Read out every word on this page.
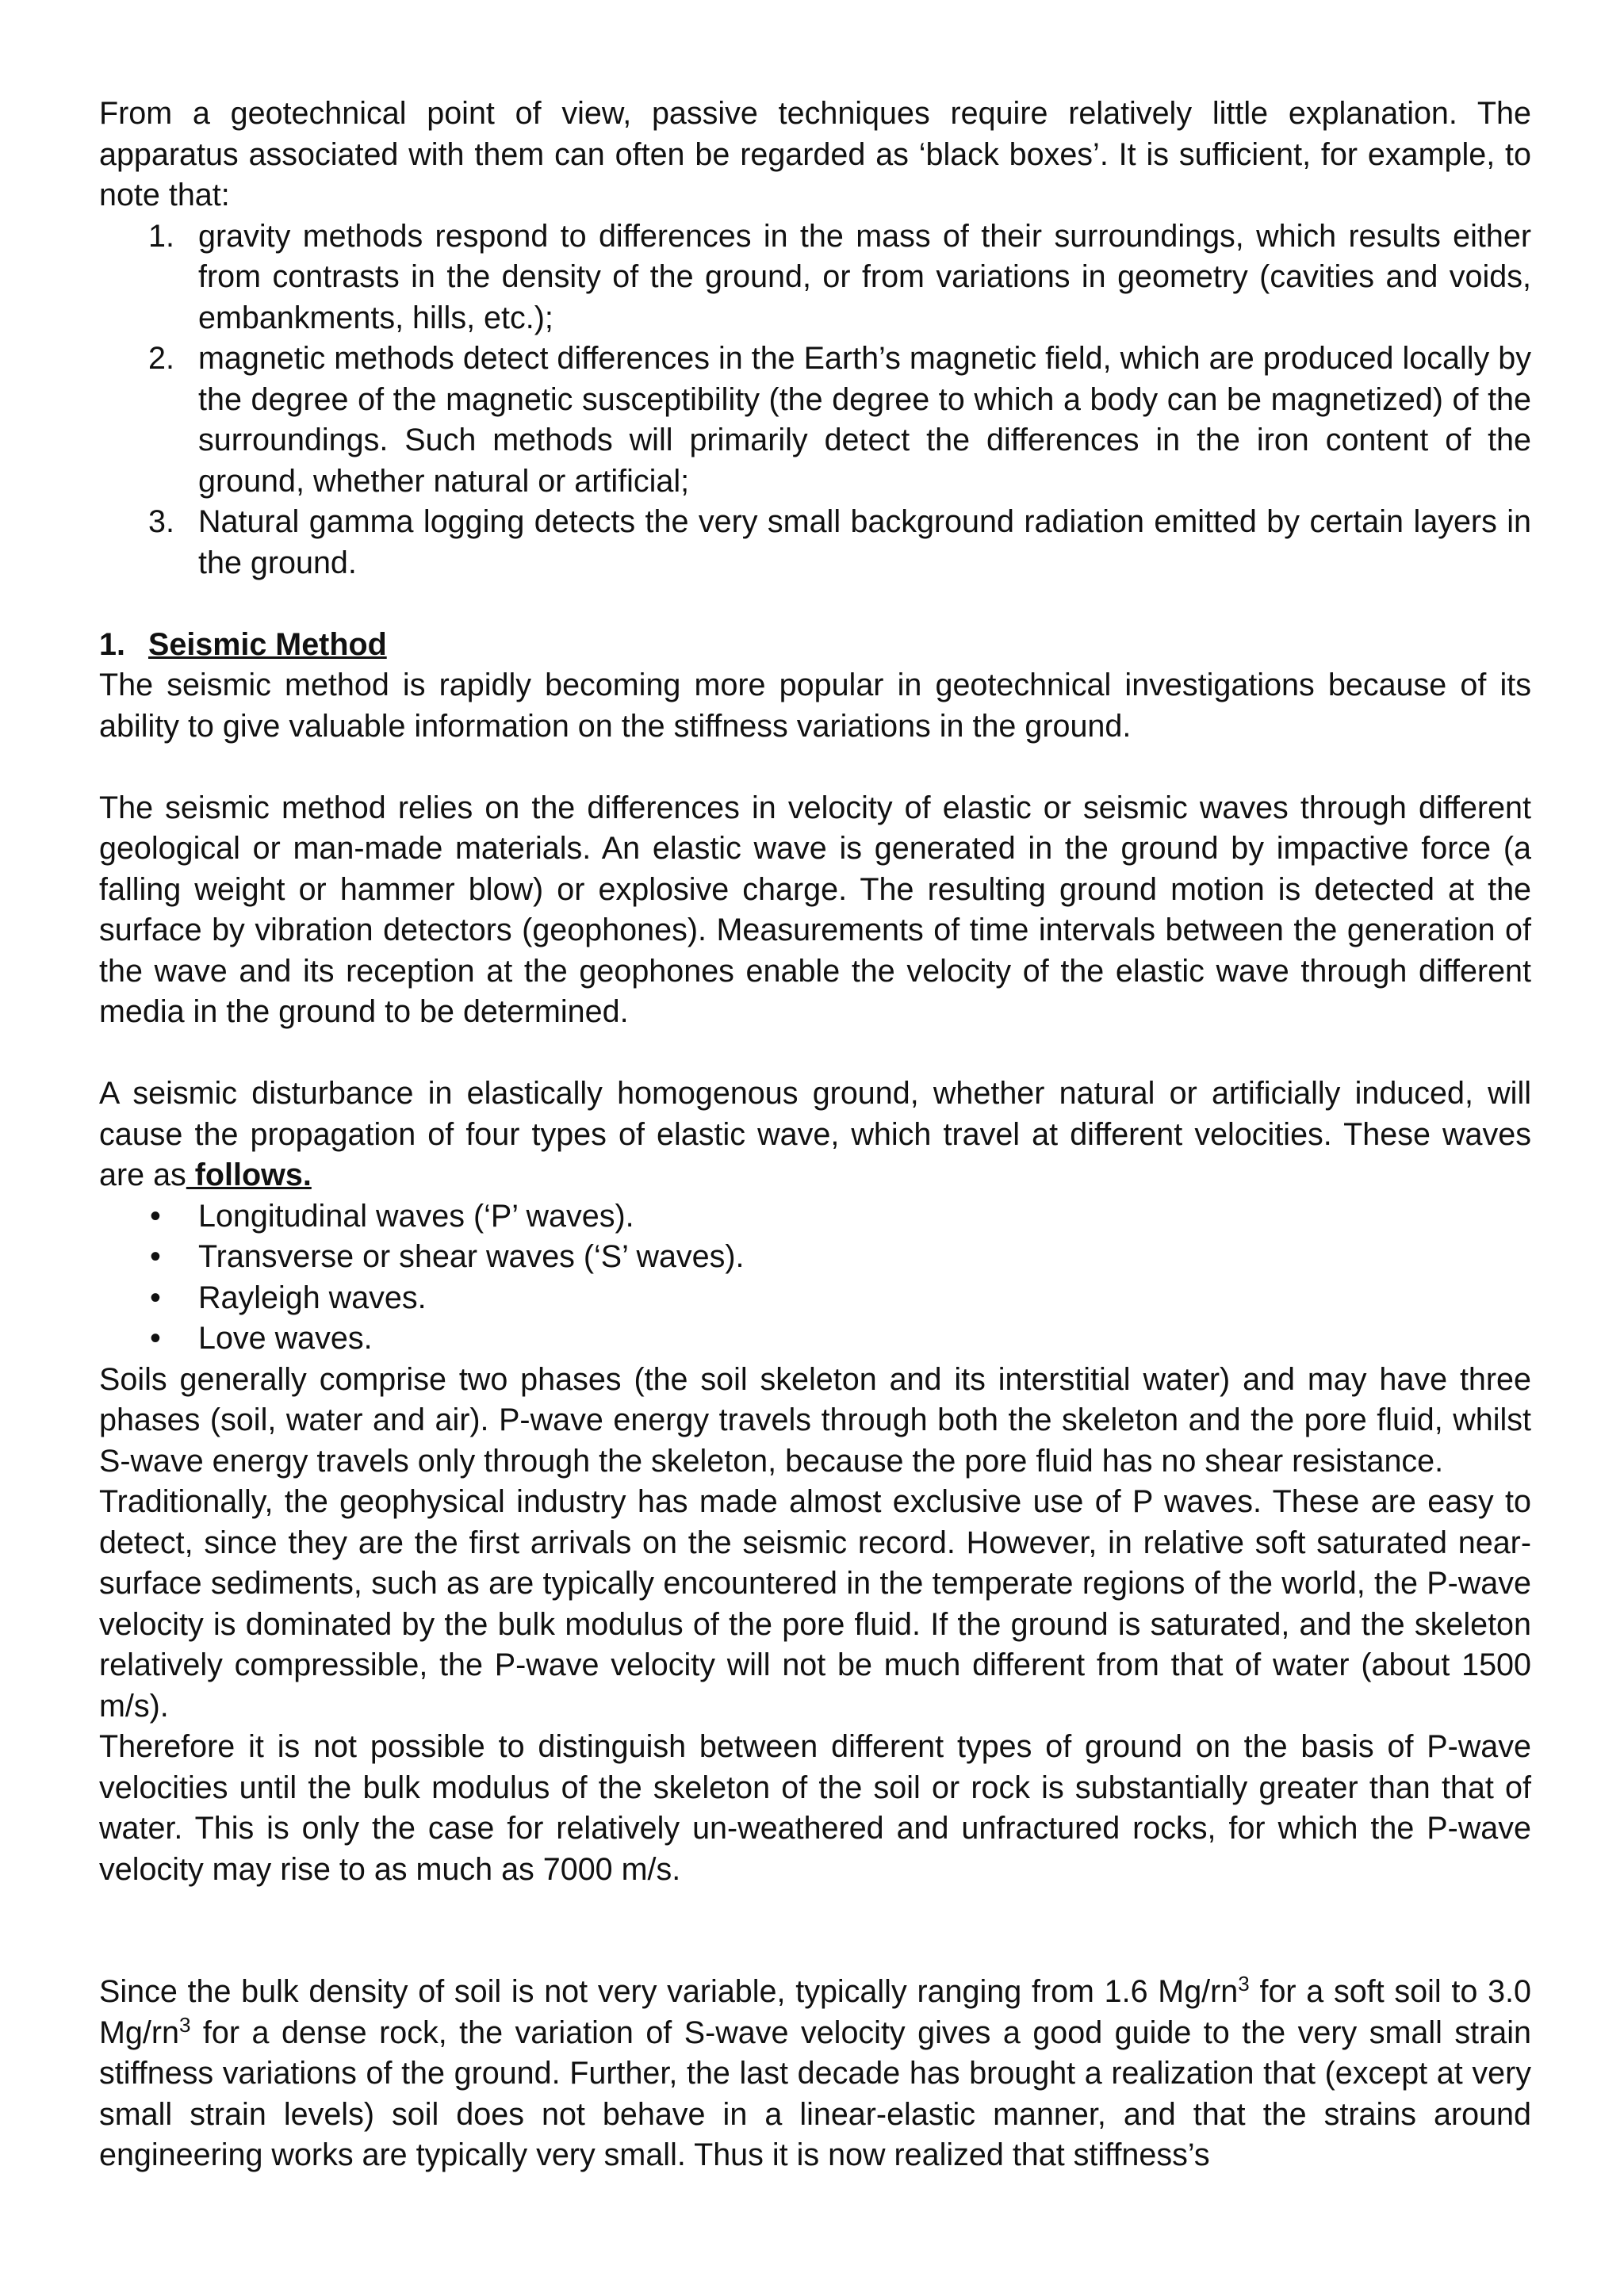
From a geotechnical point of view, passive techniques require relatively little explanation. The apparatus associated with them can often be regarded as ‘black boxes’. It is sufficient, for example, to note that:

1. gravity methods respond to differences in the mass of their surroundings, which results either from contrasts in the density of the ground, or from variations in geometry (cavities and voids, embankments, hills, etc.);
2. magnetic methods detect differences in the Earth’s magnetic field, which are produced locally by the degree of the magnetic susceptibility (the degree to which a body can be magnetized) of the surroundings. Such methods will primarily detect the differences in the iron content of the ground, whether natural or artificial;
3. Natural gamma logging detects the very small background radiation emitted by certain layers in the ground.
1. Seismic Method

The seismic method is rapidly becoming more popular in geotechnical investigations because of its ability to give valuable information on the stiffness variations in the ground.

The seismic method relies on the differences in velocity of elastic or seismic waves through different geological or man-made materials. An elastic wave is generated in the ground by impactive force (a falling weight or hammer blow) or explosive charge. The resulting ground motion is detected at the surface by vibration detectors (geophones). Measurements of time intervals between the generation of the wave and its reception at the geophones enable the velocity of the elastic wave through different media in the ground to be determined.

A seismic disturbance in elastically homogenous ground, whether natural or artificially induced, will cause the propagation of four types of elastic wave, which travel at different velocities. These waves are as follows.

• Longitudinal waves (‘P’ waves).
• Transverse or shear waves (‘S’ waves).
• Rayleigh waves.
• Love waves.

Soils generally comprise two phases (the soil skeleton and its interstitial water) and may have three phases (soil, water and air). P-wave energy travels through both the skeleton and the pore fluid, whilst S-wave energy travels only through the skeleton, because the pore fluid has no shear resistance.

Traditionally, the geophysical industry has made almost exclusive use of P waves. These are easy to detect, since they are the first arrivals on the seismic record. However, in relative soft saturated near-surface sediments, such as are typically encountered in the temperate regions of the world, the P-wave velocity is dominated by the bulk modulus of the pore fluid. If the ground is saturated, and the skeleton relatively compressible, the P-wave velocity will not be much different from that of water (about 1500 m/s).

Therefore it is not possible to distinguish between different types of ground on the basis of P-wave velocities until the bulk modulus of the skeleton of the soil or rock is substantially greater than that of water. This is only the case for relatively un-weathered and unfractured rocks, for which the P-wave velocity may rise to as much as 7000 m/s.

Since the bulk density of soil is not very variable, typically ranging from 1.6 $Mg/rn^3$ for a soft soil to 3.0 $Mg/rn^3$ for a dense rock, the variation of S-wave velocity gives a good guide to the very small strain stiffness variations of the ground. Further, the last decade has brought a realization that (except at very small strain levels) soil does not behave in a linear-elastic manner, and that the strains around engineering works are typically very small. Thus it is now realized that stiffness’s
